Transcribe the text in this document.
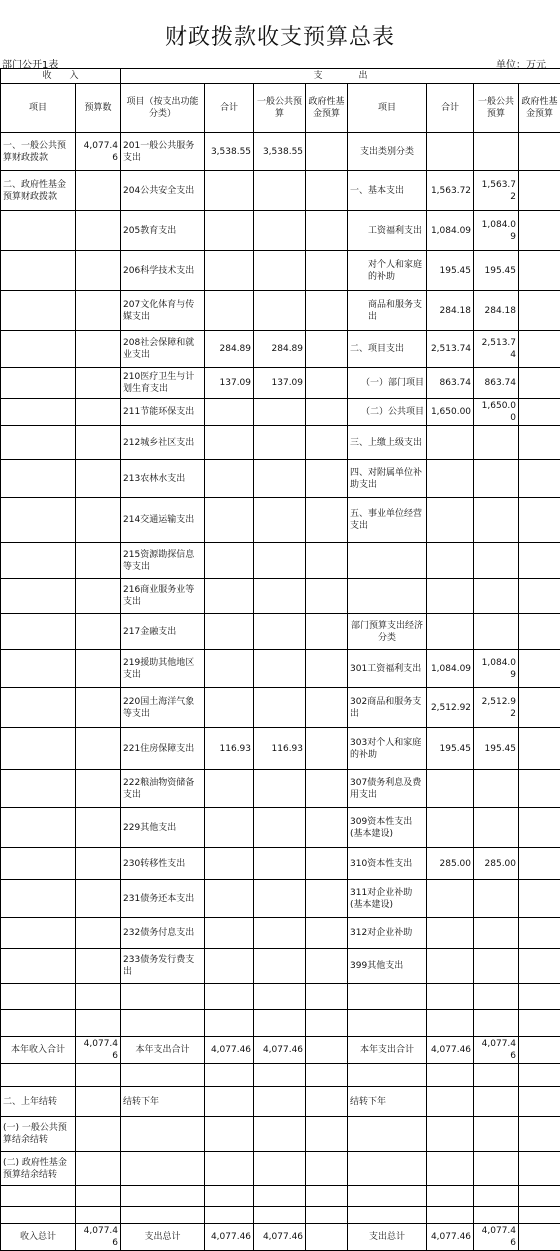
财政拨款收支预算总表
部门公开1表	单位：万元
收　　入		支　　　　出							
项目	预算数	项目（按支出功能分类）	合计	一般公共预算	政府性基金预算	项目	合计	一般公共预算	政府性基金预算
一、一般公共预算财政拨款	4,077.46	201一般公共服务支出	3,538.55	3,538.55		支出类别分类			
二、政府性基金预算财政拨款		204公共安全支出				一、基本支出	1,563.72	1,563.72	
		205教育支出				工资福利支出	1,084.09	1,084.09	
		206科学技术支出				对个人和家庭的补助	195.45	195.45	
		207文化体育与传媒支出				商品和服务支出	284.18	284.18	
		208社会保障和就业支出	284.89	284.89		二、项目支出	2,513.74	2,513.74	
		210医疗卫生与计划生育支出	137.09	137.09		（一）部门项目	863.74	863.74	
		211节能环保支出				（二）公共项目	1,650.00	1,650.00	
		212城乡社区支出				三、上缴上级支出			
		213农林水支出				四、对附属单位补助支出			
		214交通运输支出				五、事业单位经营支出			
		215资源勘探信息等支出							
		216商业服务业等支出							
		217金融支出				部门预算支出经济分类			
		219援助其他地区支出				301工资福利支出	1,084.09	1,084.09	
		220国土海洋气象等支出				302商品和服务支出	2,512.92	2,512.92	
		221住房保障支出	116.93	116.93		303对个人和家庭的补助	195.45	195.45	
		222粮油物资储备支出				307债务利息及费用支出			
		229其他支出				309资本性支出(基本建设)			
		230转移性支出				310资本性支出	285.00	285.00	
		231债务还本支出				311对企业补助(基本建设)			
		232债务付息支出				312对企业补助			
		233债务发行费支出				399其他支出			

本年收入合计	4,077.46	本年支出合计	4,077.46	4,077.46		本年支出合计	4,077.46	4,077.46	

二、上年结转		结转下年				结转下年			
(一) 一般公共预算结余结转									
(二) 政府性基金预算结余结转									

收入总计	4,077.46	支出总计	4,077.46	4,077.46		支出总计	4,077.46	4,077.46	
